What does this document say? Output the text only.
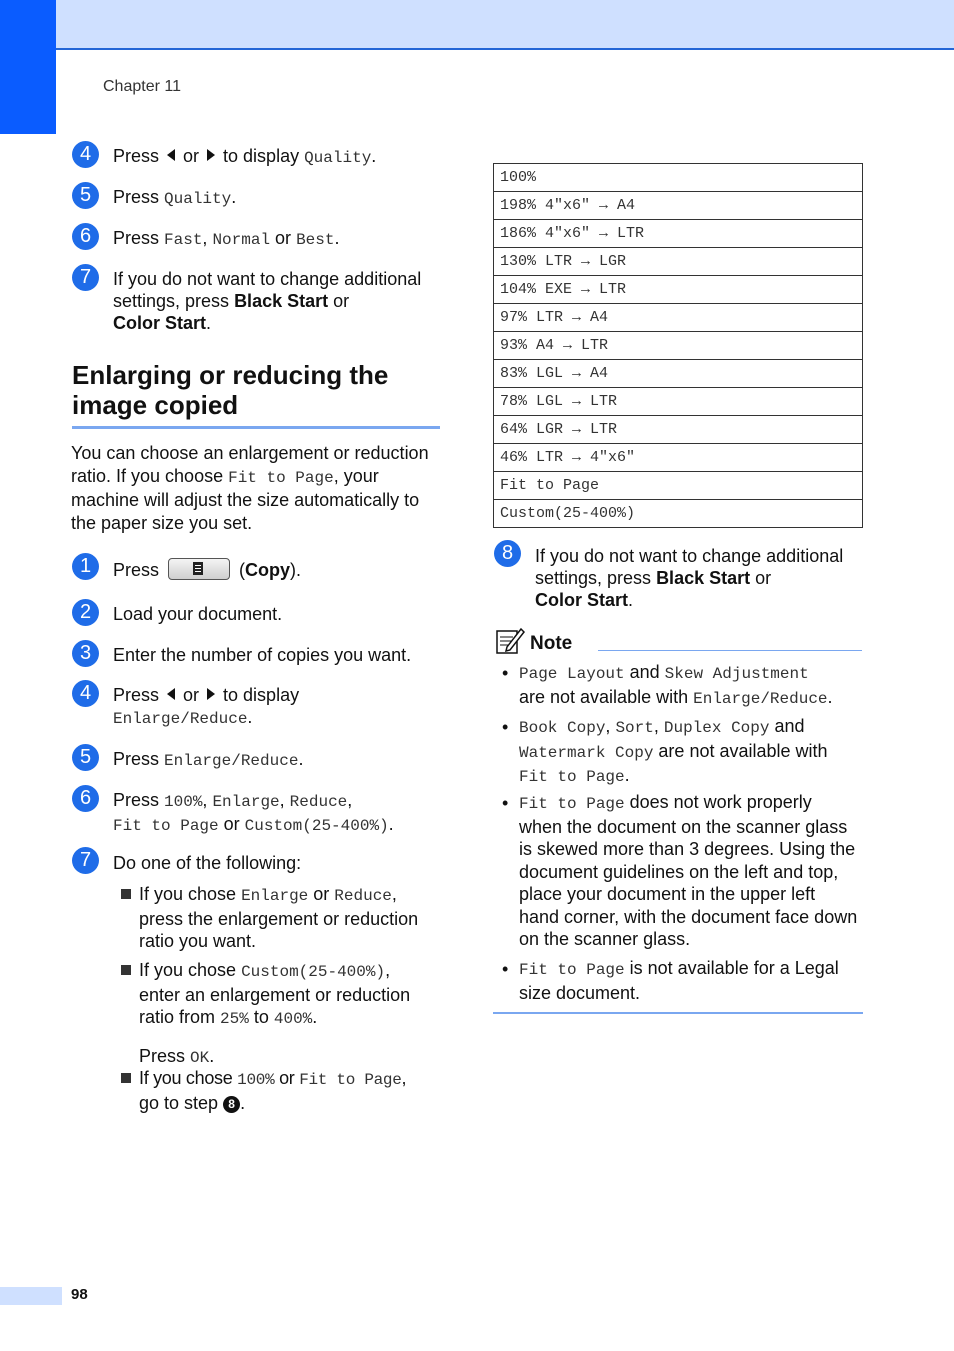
Chapter 11
4	Press  or  to display Quality.
5	Press Quality.
6	Press Fast, Normal or Best.
7	If you do not want to change additional
settings, press Black Start or
Color Start.
Enlarging or reducing the
image copied
You can choose an enlargement or reduction ratio. If you choose Fit to Page, your machine will adjust the size automatically to the paper size you set.
1	Press	(Copy).
2	Load your document.
3	Enter the number of copies you want.
4	Press  or  to display
Enlarge/Reduce.
5	Press Enlarge/Reduce.
6	Press 100%, Enlarge, Reduce,
Fit to Page or Custom(25-400%).
7	Do one of the following:
If you chose Enlarge or Reduce, press the enlargement or reduction ratio you want.
If you chose Custom(25-400%),
enter an enlargement or reduction ratio from 25% to 400%.
Press OK.
If you chose 100% or Fit to Page,
go to step 8 .
100%
198% 4"x6" → A4
186% 4"x6" → LTR
130% LTR → LGR
104% EXE → LTR
97% LTR → A4
93% A4 → LTR
83% LGL → A4
78% LGL → LTR
64% LGR → LTR
46% LTR → 4"x6"
Fit to Page
Custom(25-400%)
8	If you do not want to change additional
settings, press Black Start or
Color Start.
Note
• Page Layout and Skew Adjustment
are not available with Enlarge/Reduce.
• Book Copy, Sort, Duplex Copy and
Watermark Copy are not available with
Fit to Page.
• Fit to Page does not work properly when the document on the scanner glass is skewed more than 3 degrees. Using the document guidelines on the left and top, place your document in the upper left hand corner, with the document face down on the scanner glass.
• Fit to Page is not available for a Legal size document.
98
